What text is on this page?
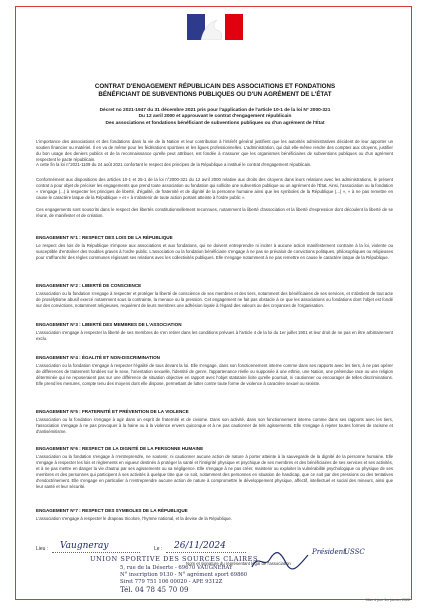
CONTRAT D'ENGAGEMENT RÉPUBLICAIN DES ASSOCIATIONS ET FONDATIONS
BÉNÉFICIANT DE SUBVENTIONS PUBLIQUES OU D'UN AGRÉMENT DE L'ÉTAT
Décret no 2021-1947 du 31 décembre 2021 pris pour l'application de l'article 10-1 de la loi N° 2000-321
Du 12 avril 2000 et approuvant le contrat d'engagement républicain
Des associations et fondations bénéficiant de subventions publiques ou d'un agrément de l'État
L'importance des associations et des fondations dans la vie de la Nation et leur contribution à l'intérêt général justifient que les autorités administratives décident de leur apporter un soutien financier ou matériel. Il en va de même pour les fédérations sportives et les ligues professionnelles. L'administration, qui doit elle-même rendre des comptes aux citoyens, justifier du bon usage des deniers publics et de la reconnaissance qu'elle peut attribuer, est fondée à s'assurer que les organismes bénéficiaires de subventions publiques ou d'un agrément respectent le pacte républicain.
A cette fin la loi n°2021-1109 du 24 août 2021 confortant le respect des principes de la République a institué le contrat d'engagement républicain.
Conformément aux dispositions des articles 10-1 et 25-1 de la loi n°2000-321 du 12 avril 2000 relative aux droits des citoyens dans leurs relations avec les administrations, le présent contrat a pour objet de préciser les engagements que prend toute association ou fondation qui sollicite une subvention publique ou un agrément de l'État. Ainsi, l'association ou la fondation « s'engage (...) à respecter les principes de liberté, d'égalité, de fraternité et de dignité de la personne humaine ainsi que les symboles de la République (...) », « à ne pas remettre en cause le caractère laïque de la République » et « à s'abstenir de toute action portant atteinte à l'ordre public ».
Ces engagements sont souscrits dans le respect des libertés constitutionnellement reconnues, notamment la liberté d'association et la liberté d'expression dont découlent la liberté de se réunir, de manifester et de création.
ENGAGEMENT N°1 : RESPECT DES LOIS DE LA RÉPUBLIQUE
Le respect des lois de la République s'impose aux associations et aux fondations, qui ne doivent entreprendre ni inciter à aucune action manifestement contraire à la loi, violente ou susceptible d'entraîner des troubles graves à l'ordre public. L'association ou la fondation bénéficiaire s'engage à ne pas se prévaloir de convictions politiques, philosophiques ou religieuses pour s'affranchir des règles communes régissant ses relations avec les collectivités publiques. Elle s'engage notamment à ne pas remettre en cause le caractère laïque de la République.
ENGAGEMENT N°2 : LIBERTÉ DE CONSCIENCE
L'association ou la fondation s'engage à respecter et protéger la liberté de conscience de ses membres et des tiers, notamment des bénéficiaires de ses services, et s'abstient de tout acte de prosélytisme abusif exercé notamment sous la contrainte, la menace ou la pression. Cet engagement ne fait pas obstacle à ce que les associations ou fondations dont l'objet est fondé sur des convictions, notamment religieuses, requièrent de leurs membres une adhésion loyale à l'égard des valeurs ou des croyances de l'organisation.
ENGAGEMENT N°3 : LIBERTÉ DES MEMBRES DE L'ASSOCIATION
L'association s'engage à respecter la liberté de ses membres de s'en retirer dans les conditions prévues à l'article 4 de la loi du 1er juillet 1901 et leur droit de ne pas en être arbitrairement exclu.
ENGAGEMENT N°4 : ÉGALITÉ ET NON-DISCRIMINATION
L'association ou la fondation s'engage à respecter l'égalité de tous devant la loi. Elle s'engage, dans son fonctionnement interne comme dans ses rapports avec les tiers, à ne pas opérer de différences de traitement fondées sur le sexe, l'orientation sexuelle, l'identité de genre, l'appartenance réelle ou supposée à une ethnie, une Nation, une prétendue race ou une religion déterminée qui ne reposeraient pas sur une différence de situation objective en rapport avec l'objet statutaire licite qu'elle poursuit, ni cautionner ou encourager de telles discriminations. Elle prend les mesures, compte tenu des moyens dont elle dispose, permettant de lutter contre toute forme de violence à caractère sexuel ou sexiste.
ENGAGEMENT N°5 : FRATERNITÉ ET PRÉVENTION DE LA VIOLENCE
L'association ou la fondation s'engage à agir dans un esprit de fraternité et de civisme. Dans son activité, dans son fonctionnement interne comme dans ses rapports avec les tiers, l'association s'engage à ne pas provoquer à la haine ou à la violence envers quiconque et à ne pas cautionner de tels agissements. Elle s'engage à rejeter toutes formes de racisme et d'antisémitisme.
ENGAGEMENT N°6 : RESPECT DE LA DIGNITÉ DE LA PERSONNE HUMAINE
L'association ou la fondation s'engage à n'entreprendre, ne soutenir, ni cautionner aucune action de nature à porter atteinte à la sauvegarde de la dignité de la personne humaine. Elle s'engage à respecter les lois et règlements en vigueur destinés à protéger la santé et l'intégrité physique et psychique de ses membres et des bénéficiaires de ses services et ses activités, et à ne pas mettre en danger la vie d'autrui par ses agissements ou sa négligence. Elle s'engage à ne pas créer, maintenir ou exploiter la vulnérabilité psychologique ou physique de ses membres et des personnes qui participent à ses activités à quelque titre que ce soit, notamment des personnes en situation de handicap, que ce soit par des pressions ou des tentatives d'endoctrinement. Elle s'engage en particulier à n'entreprendre aucune action de nature à compromettre le développement physique, affectif, intellectuel et social des mineurs, ainsi que leur santé et leur sécurité.
ENGAGEMENT N°7 : RESPECT DES SYMBOLES DE LA RÉPUBLIQUE
L'association s'engage à respecter le drapeau tricolore, l'hymne national, et la devise de la République.
Lieu : Vaugneray	Le : 26/11/2024
Nom et signature du représentant légal de l'association
UNION SPORTIVE DES SOURCES CLAIRES
5, rue de la Déserte - 69670 VAUGNERAY
N° inscription 9130 - N° agrément sport 69860
Siret 779 751 106 00020 - APE 9312Z
Tél. 04 78 45 70 09
Président
USSC
Mise à jour 1er janvier 2022
